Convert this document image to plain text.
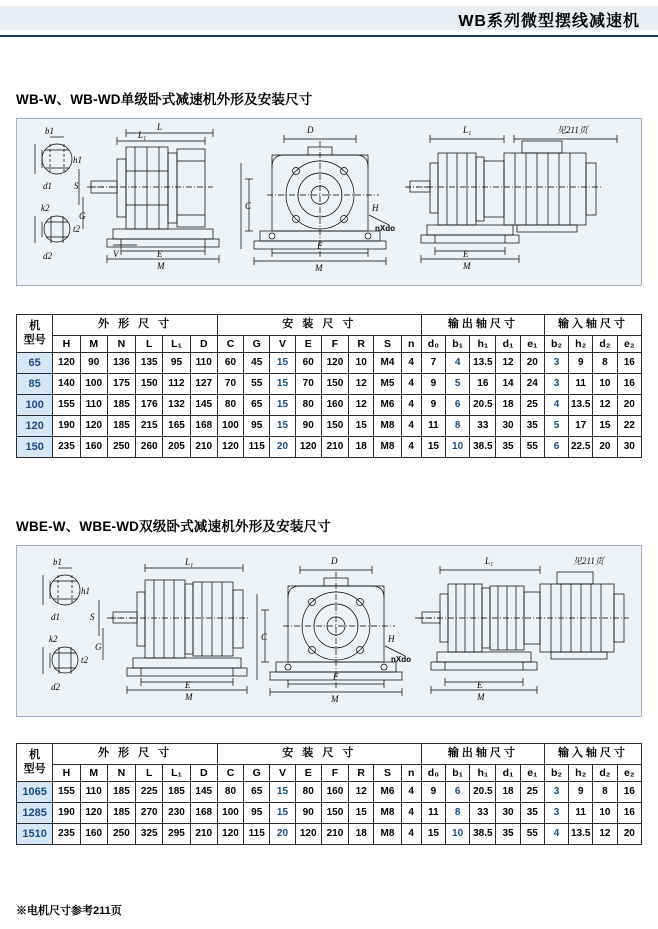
WB系列微型摆线减速机
WB-W、WB-WD单级卧式减速机外形及安装尺寸
b1
h1
d1
k2
t2
d2
L
L₁
S
G
V	E
M
D
C
F
M
H
nXdo
L₁	见211页
E
M
机
型号	外 形 尺 寸						安 装 尺 寸								输出轴尺寸					输入轴尺寸			
	H	M	N	L	L₁	D	C	G	V	E	F	R	S	n	d₀	b₁	h₁	d₁	e₁	b₂	h₂	d₂	e₂
65	120	90	136	135	95	110	60	45	15	60	120	10	M4	4	7	4	13.5	12	20	3	9	8	16
85	140	100	175	150	112	127	70	55	15	70	150	12	M5	4	9	5	16	14	24	3	11	10	16
100	155	110	185	176	132	145	80	65	15	80	160	12	M6	4	9	6	20.5	18	25	4	13.5	12	20
120	190	120	185	215	165	168	100	95	15	90	150	15	M8	4	11	8	33	30	35	5	17	15	22
150	235	160	250	260	205	210	120	115	20	120	210	18	M8	4	15	10	38.5	35	55	6	22.5	20	30
WBE-W、WBE-WD双级卧式减速机外形及安装尺寸
b1
h1
d1
k2
t2
d2
L₁
S
G
E
M
D
C
F
M
H
nXdo
L₁	见211页
E
M
机
型号	外 形 尺 寸						安 装 尺 寸								输出轴尺寸					输入轴尺寸			
	H	M	N	L	L₁	D	C	G	V	E	F	R	S	n	d₀	b₁	h₁	d₁	e₁	b₂	h₂	d₂	e₂
1065	155	110	185	225	185	145	80	65	15	80	160	12	M6	4	9	6	20.5	18	25	3	9	8	16
1285	190	120	185	270	230	168	100	95	15	90	150	15	M8	4	11	8	33	30	35	3	11	10	16
1510	235	160	250	325	295	210	120	115	20	120	210	18	M8	4	15	10	38.5	35	55	4	13.5	12	20
※电机尺寸参考211页
